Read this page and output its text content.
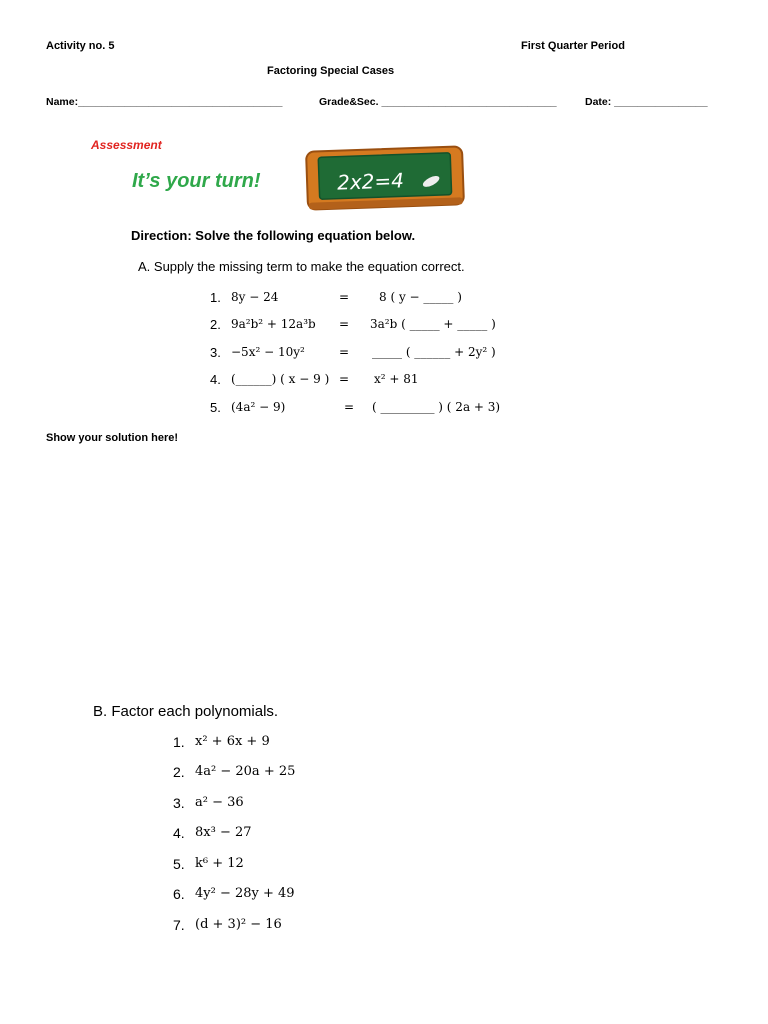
Activity no. 5	First Quarter Period
Factoring Special Cases
Name:___________________________________	Grade&Sec. ______________________________	Date: ________________
Assessment
It’s your turn!	2x2=4
Direction: Solve the following equation below.
A. Supply the missing term to make the equation correct.
1. 8y − 24	= 8 ( y − _____ )
2. 9a²b² + 12a³b = 3a²b ( _____ + _____ )
3. −5x² − 10y²	= _____ ( ______ + 2y² )
4. (______) ( x − 9 ) = x² + 81
5. (4a² − 9)	= ( _________ ) ( 2a + 3)
Show your solution here!
B. Factor each polynomials.
1. x² + 6x + 9
2. 4a² − 20a + 25
3. a² − 36
4. 8x³ − 27
5. k⁶ + 12
6. 4y² − 28y + 49
7. (d + 3)² − 16
